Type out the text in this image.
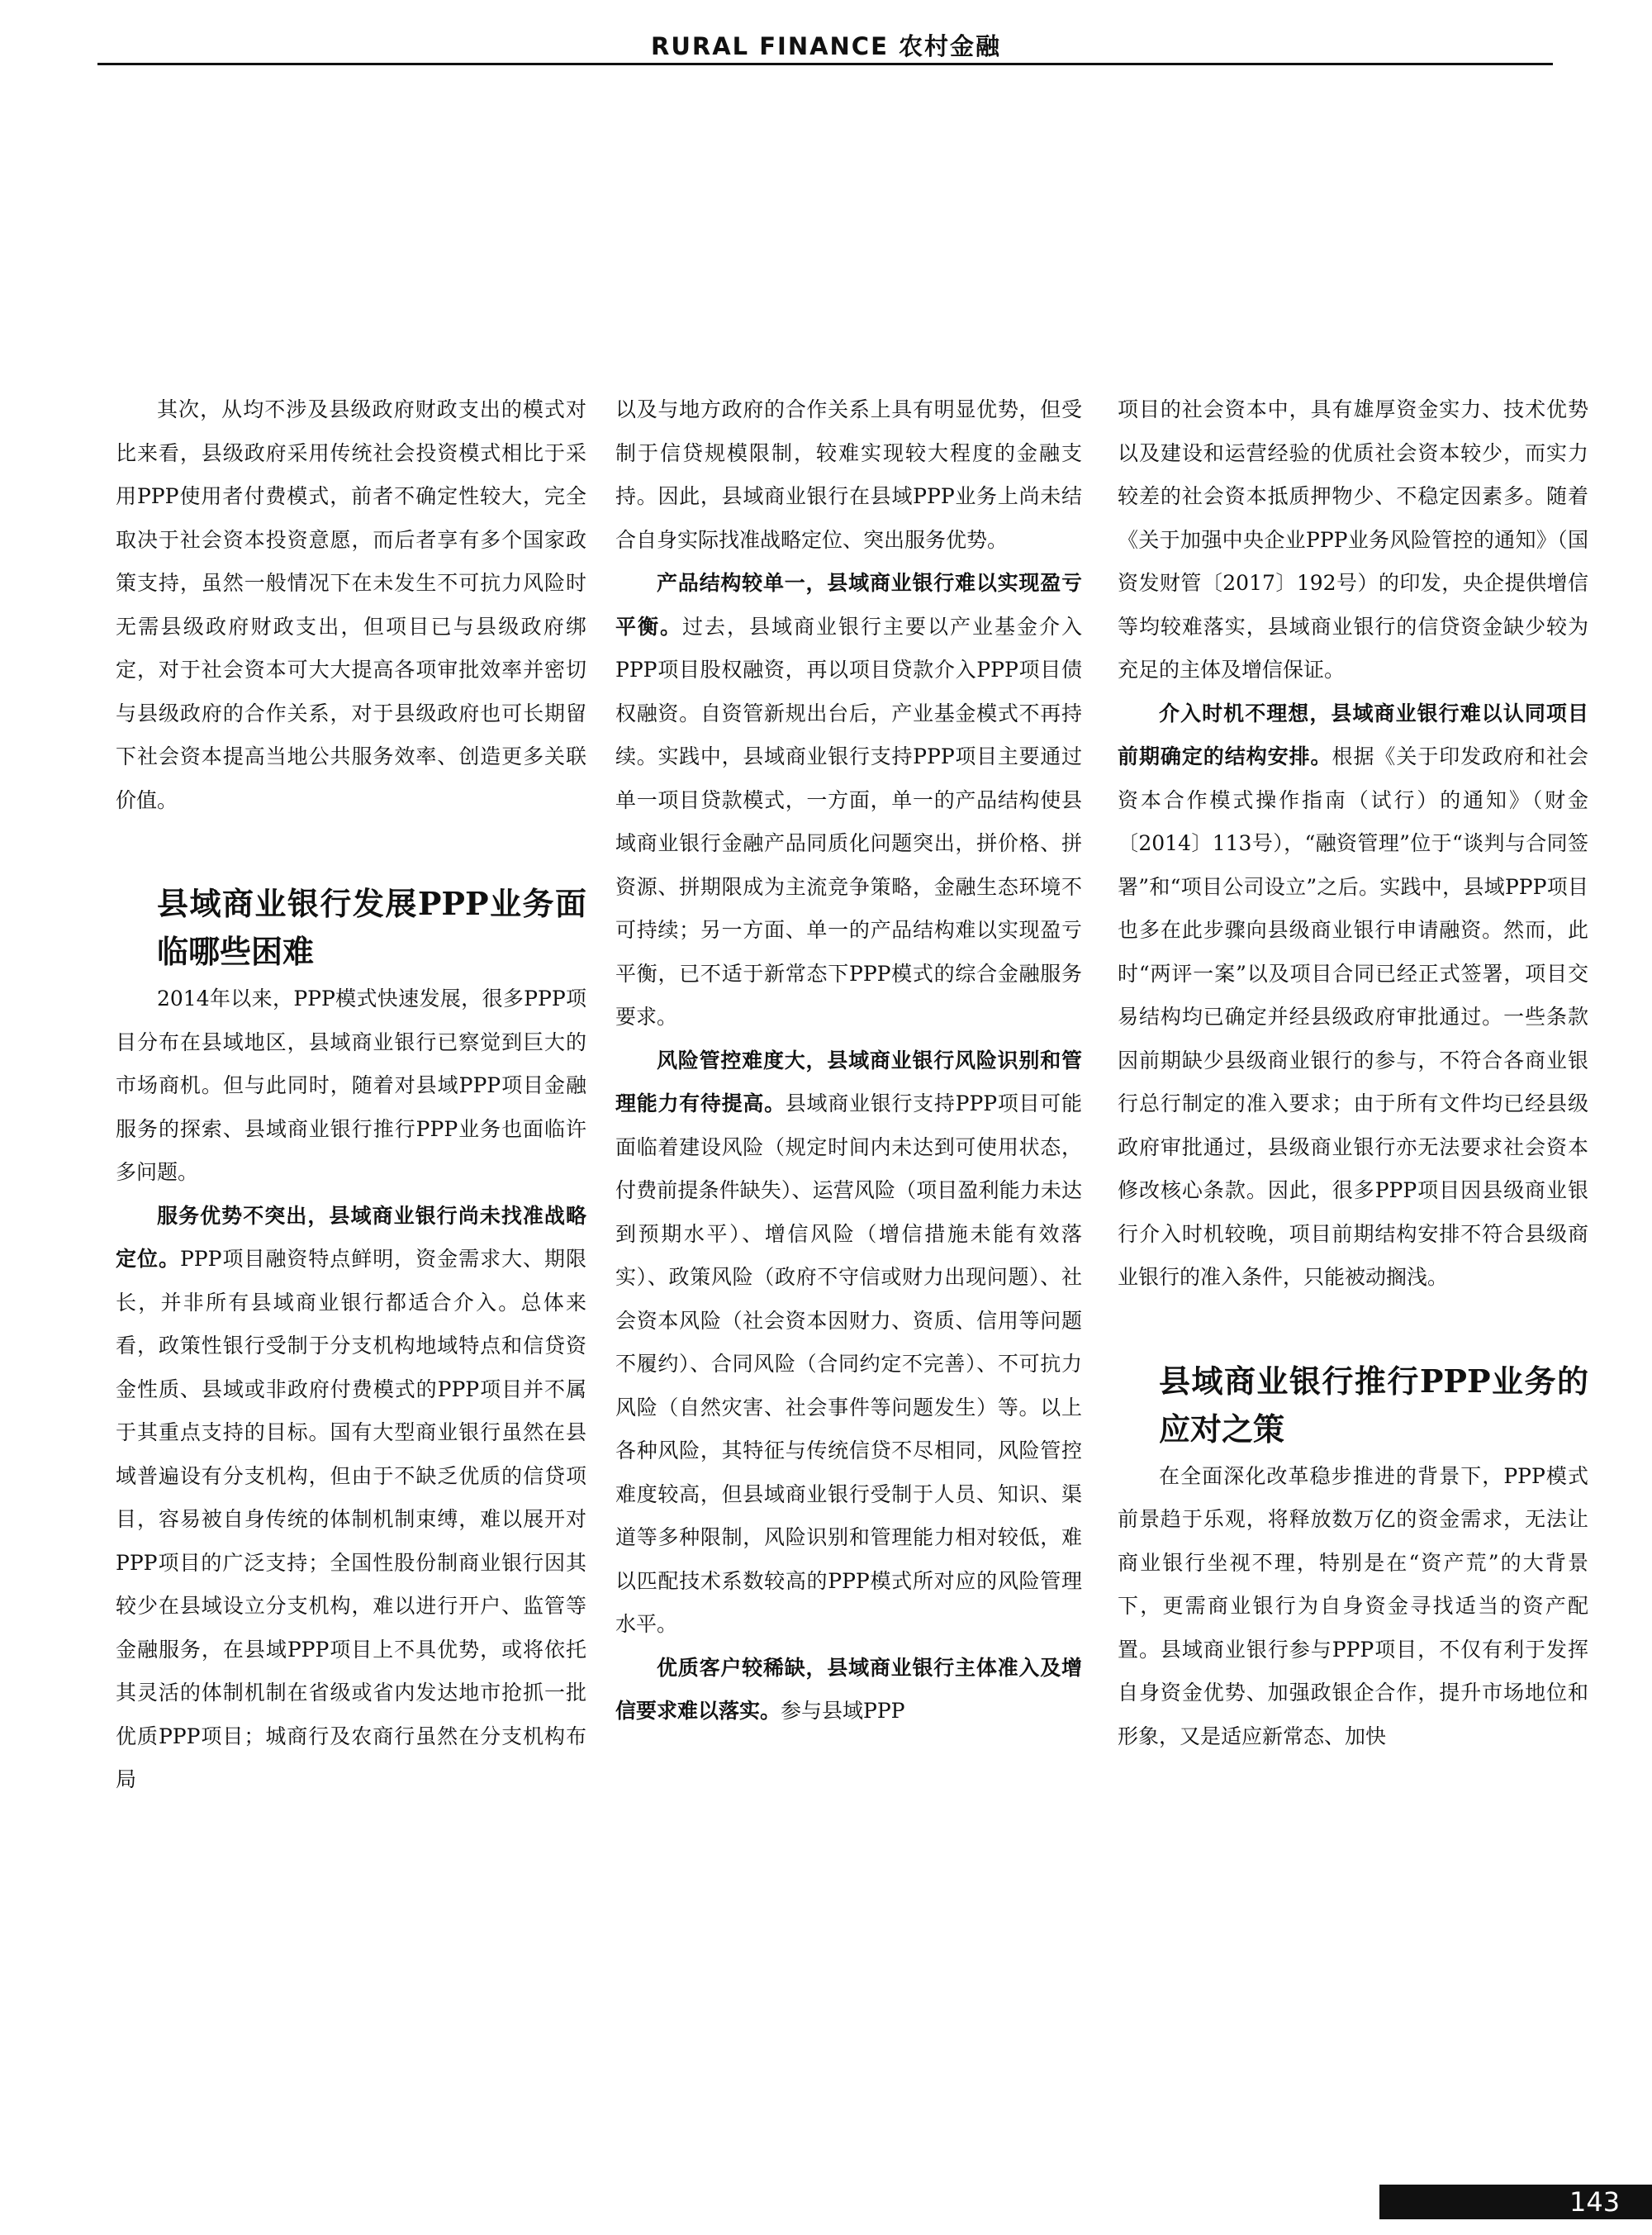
RURAL FINANCE 农村金融

其次，从均不涉及县级政府财政支出的模式对比来看，县级政府采用传统社会投资模式相比于采用PPP使用者付费模式，前者不确定性较大，完全取决于社会资本投资意愿，而后者享有多个国家政策支持，虽然一般情况下在未发生不可抗力风险时无需县级政府财政支出，但项目已与县级政府绑定，对于社会资本可大大提高各项审批效率并密切与县级政府的合作关系，对于县级政府也可长期留下社会资本提高当地公共服务效率、创造更多关联价值。

县域商业银行发展PPP业务面临哪些困难

2014年以来，PPP模式快速发展，很多PPP项目分布在县域地区，县域商业银行已察觉到巨大的市场商机。但与此同时，随着对县域PPP项目金融服务的探索、县域商业银行推行PPP业务也面临许多问题。

服务优势不突出，县域商业银行尚未找准战略定位。PPP项目融资特点鲜明，资金需求大、期限长，并非所有县域商业银行都适合介入。总体来看，政策性银行受制于分支机构地域特点和信贷资金性质、县域或非政府付费模式的PPP项目并不属于其重点支持的目标。国有大型商业银行虽然在县域普遍设有分支机构，但由于不缺乏优质的信贷项目，容易被自身传统的体制机制束缚，难以展开对PPP项目的广泛支持；全国性股份制商业银行因其较少在县域设立分支机构，难以进行开户、监管等金融服务，在县域PPP项目上不具优势，或将依托其灵活的体制机制在省级或省内发达地市抢抓一批优质PPP项目；城商行及农商行虽然在分支机构布局

以及与地方政府的合作关系上具有明显优势，但受制于信贷规模限制，较难实现较大程度的金融支持。因此，县域商业银行在县域PPP业务上尚未结合自身实际找准战略定位、突出服务优势。

产品结构较单一，县域商业银行难以实现盈亏平衡。过去，县域商业银行主要以产业基金介入PPP项目股权融资，再以项目贷款介入PPP项目债权融资。自资管新规出台后，产业基金模式不再持续。实践中，县域商业银行支持PPP项目主要通过单一项目贷款模式，一方面，单一的产品结构使县域商业银行金融产品同质化问题突出，拼价格、拼资源、拼期限成为主流竞争策略，金融生态环境不可持续；另一方面、单一的产品结构难以实现盈亏平衡，已不适于新常态下PPP模式的综合金融服务要求。

风险管控难度大，县域商业银行风险识别和管理能力有待提高。县域商业银行支持PPP项目可能面临着建设风险（规定时间内未达到可使用状态，付费前提条件缺失）、运营风险（项目盈利能力未达到预期水平）、增信风险（增信措施未能有效落实）、政策风险（政府不守信或财力出现问题）、社会资本风险（社会资本因财力、资质、信用等问题不履约）、合同风险（合同约定不完善）、不可抗力风险（自然灾害、社会事件等问题发生）等。以上各种风险，其特征与传统信贷不尽相同，风险管控难度较高，但县域商业银行受制于人员、知识、渠道等多种限制，风险识别和管理能力相对较低，难以匹配技术系数较高的PPP模式所对应的风险管理水平。

优质客户较稀缺，县域商业银行主体准入及增信要求难以落实。参与县域PPP

项目的社会资本中，具有雄厚资金实力、技术优势以及建设和运营经验的优质社会资本较少，而实力较差的社会资本抵质押物少、不稳定因素多。随着《关于加强中央企业PPP业务风险管控的通知》（国资发财管〔2017〕192号）的印发，央企提供增信等均较难落实，县域商业银行的信贷资金缺少较为充足的主体及增信保证。

介入时机不理想，县域商业银行难以认同项目前期确定的结构安排。根据《关于印发政府和社会资本合作模式操作指南（试行）的通知》（财金〔2014〕113号），“融资管理”位于“谈判与合同签署”和“项目公司设立”之后。实践中，县域PPP项目也多在此步骤向县级商业银行申请融资。然而，此时“两评一案”以及项目合同已经正式签署，项目交易结构均已确定并经县级政府审批通过。一些条款因前期缺少县级商业银行的参与，不符合各商业银行总行制定的准入要求；由于所有文件均已经县级政府审批通过，县级商业银行亦无法要求社会资本修改核心条款。因此，很多PPP项目因县级商业银行介入时机较晚，项目前期结构安排不符合县级商业银行的准入条件，只能被动搁浅。

县域商业银行推行PPP业务的应对之策

在全面深化改革稳步推进的背景下，PPP模式前景趋于乐观，将释放数万亿的资金需求，无法让商业银行坐视不理，特别是在“资产荒”的大背景下，更需商业银行为自身资金寻找适当的资产配置。县域商业银行参与PPP项目，不仅有利于发挥自身资金优势、加强政银企合作，提升市场地位和形象，又是适应新常态、加快

143
